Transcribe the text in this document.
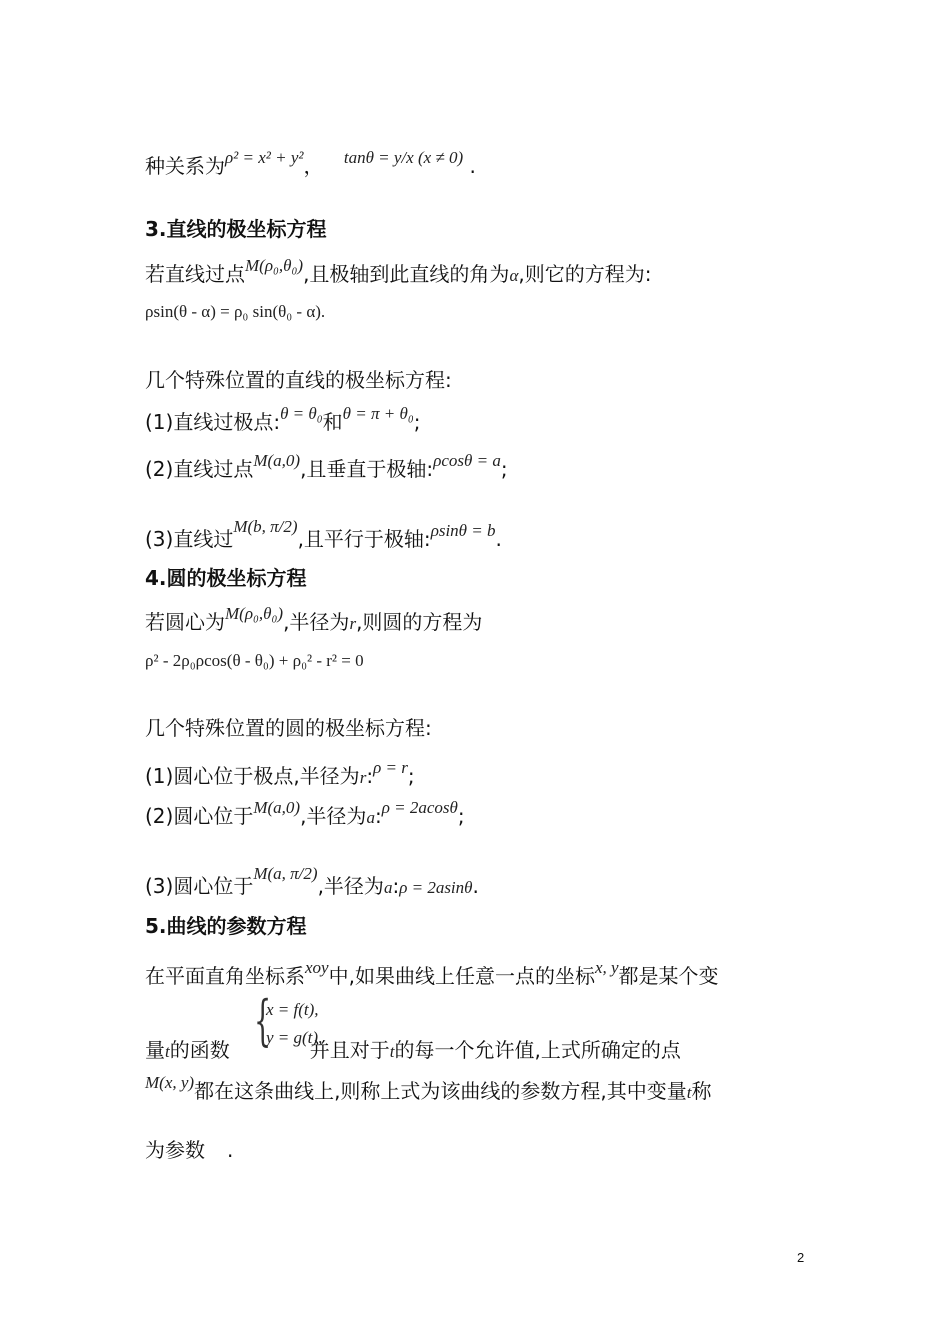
种关系为$^{\rho^2 = x^2 + y^2}$， $^{tan\theta = y/x (x \ne 0)}$ .
3.直线的极坐标方程
若直线过点$^{M(\rho_0,\theta_0)}$,且极轴到此直线的角为α,则它的方程为:
ρsin(θ - α) = ρ₀ sin(θ₀ - α).
几个特殊位置的直线的极坐标方程:
(1)直线过极点:$^{\theta = \theta_0}$和$^{\theta = \pi + \theta_0}$;
(2)直线过点$^{M(a,0)}$,且垂直于极轴:$^{\rho cos\theta = a}$;
(3)直线过$^{M(b, \pi/2)}$,且平行于极轴:$^{\rho sin\theta = b}$.
4.圆的极坐标方程
若圆心为$^{M(\rho_0,\theta_0)}$,半径为r,则圆的方程为
ρ² - 2ρ₀ρcos(θ - θ₀) + ρ₀² - r² = 0
几个特殊位置的圆的极坐标方程:
(1)圆心位于极点,半径为r:$^{\rho = r}$;
(2)圆心位于$^{M(a,0)}$,半径为a:$^{\rho = 2acos\theta}$;
(3)圆心位于$^{M(a, \pi/2)}$,半径为a:ρ = 2asinθ.
5.曲线的参数方程
在平面直角坐标系$^{xoy}$中,如果曲线上任意一点的坐标$^{x, y}$都是某个变
量t的函数	并且对于t的每一个允许值,上式所确定的点
{
x = f(t),
y = g(t),
$^{M(x, y)}$都在这条曲线上,则称上式为该曲线的参数方程,其中变量t称
为参数 .
2
